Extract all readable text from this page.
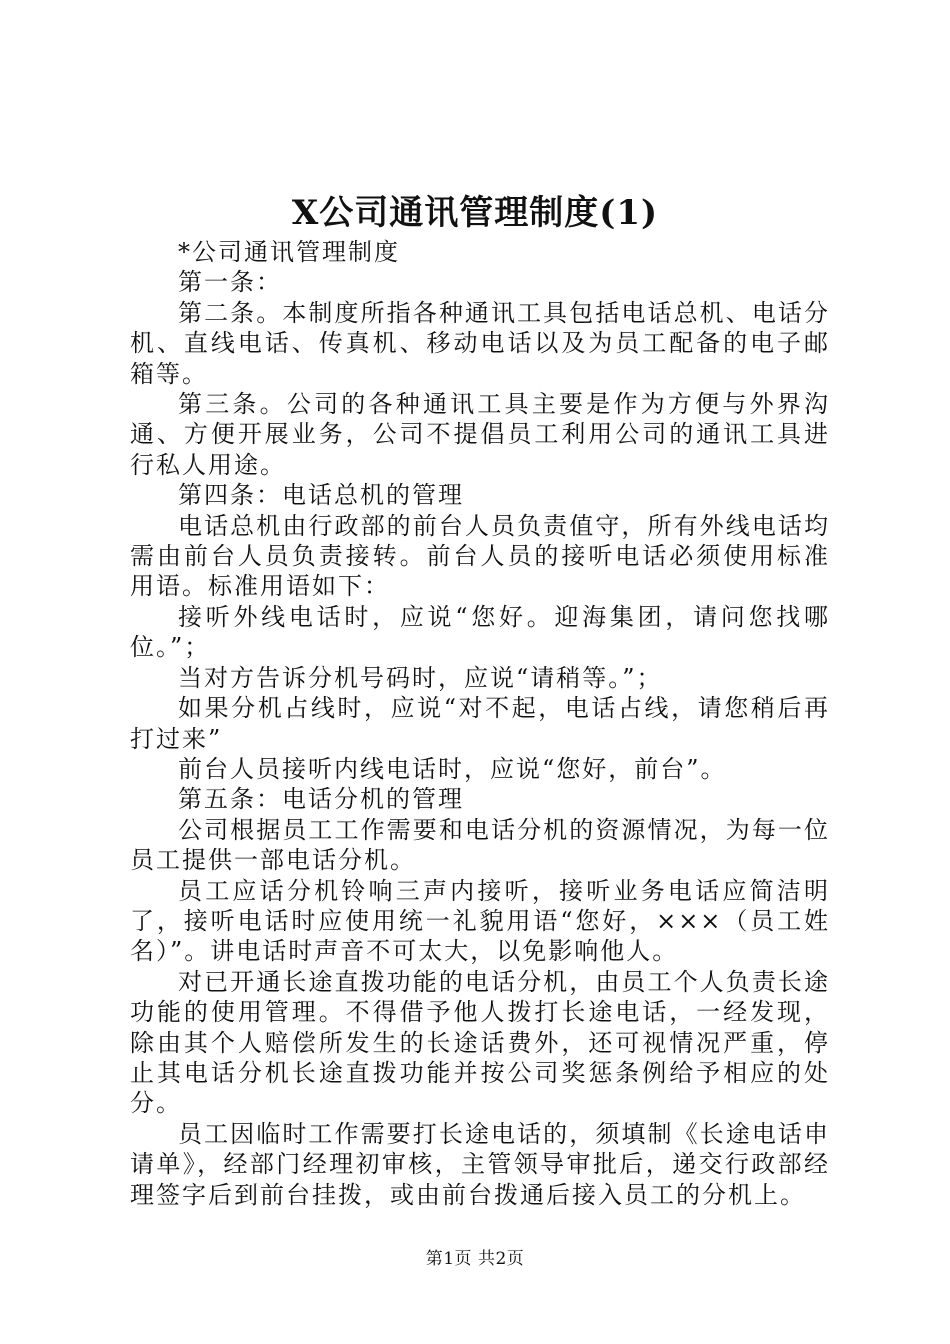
X公司通讯管理制度(1)

*公司通讯管理制度

第一条：

第二条。本制度所指各种通讯工具包括电话总机、电话分机、直线电话、传真机、移动电话以及为员工配备的电子邮箱等。

第三条。公司的各种通讯工具主要是作为方便与外界沟通、方便开展业务，公司不提倡员工利用公司的通讯工具进行私人用途。

第四条：电话总机的管理

电话总机由行政部的前台人员负责值守，所有外线电话均需由前台人员负责接转。前台人员的接听电话必须使用标准用语。标准用语如下：

接听外线电话时，应说“您好。迎海集团，请问您找哪位。”；

当对方告诉分机号码时，应说“请稍等。”；

如果分机占线时，应说“对不起，电话占线，请您稍后再打过来”

前台人员接听内线电话时，应说“您好，前台”。

第五条：电话分机的管理

公司根据员工工作需要和电话分机的资源情况，为每一位员工提供一部电话分机。

员工应话分机铃响三声内接听，接听业务电话应简洁明了，接听电话时应使用统一礼貌用语“您好，×××（员工姓名）”。讲电话时声音不可太大，以免影响他人。

对已开通长途直拨功能的电话分机，由员工个人负责长途功能的使用管理。不得借予他人拨打长途电话，一经发现，除由其个人赔偿所发生的长途话费外，还可视情况严重，停止其电话分机长途直拨功能并按公司奖惩条例给予相应的处分。

员工因临时工作需要打长途电话的，须填制《长途电话申请单》，经部门经理初审核，主管领导审批后，递交行政部经理签字后到前台挂拨，或由前台拨通后接入员工的分机上。

第1页 共2页
